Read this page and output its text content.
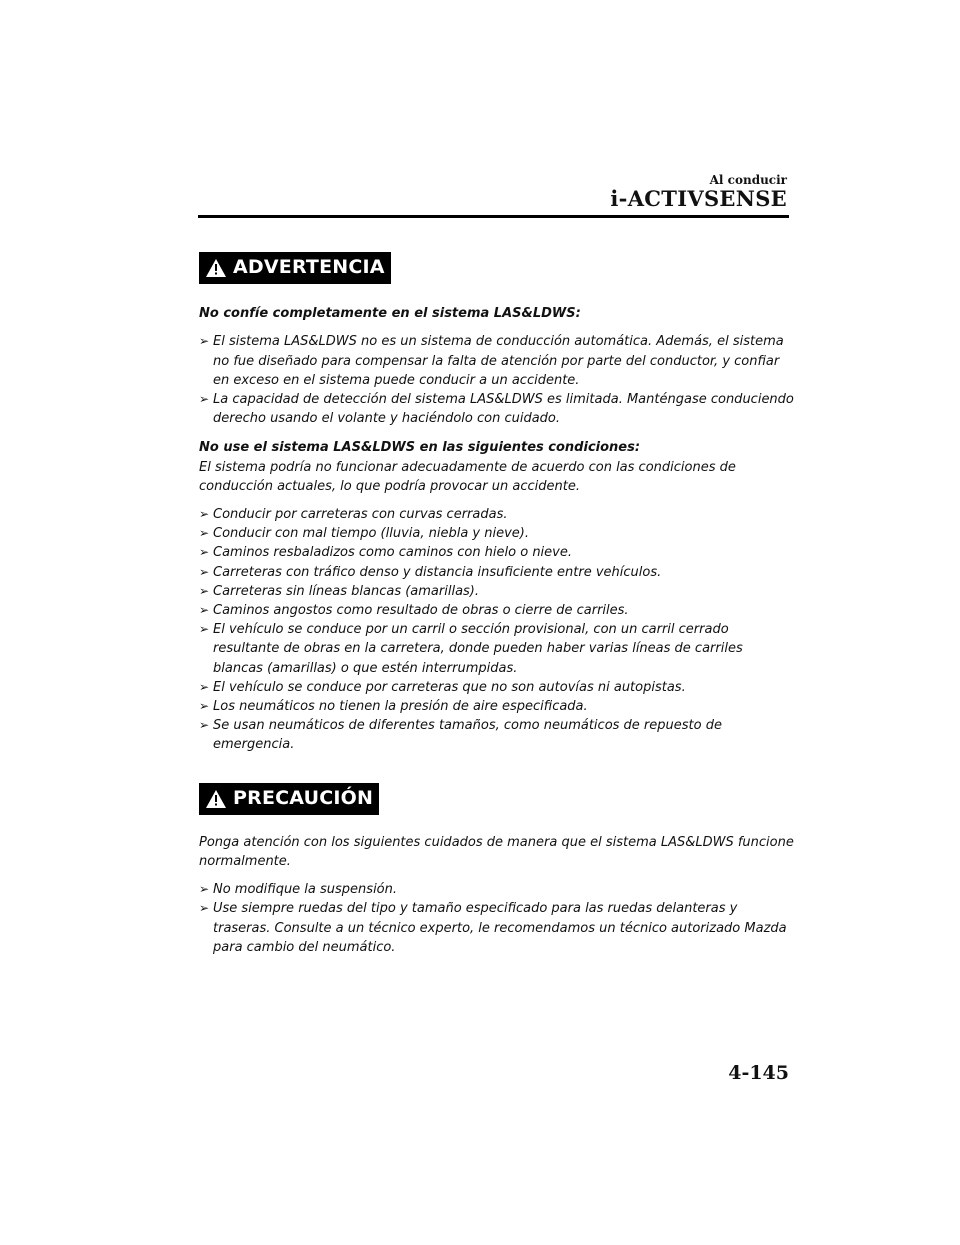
Al conducir
i-ACTIVSENSE
ADVERTENCIA

No confíe completamente en el sistema LAS&LDWS:

➢ El sistema LAS&LDWS no es un sistema de conducción automática. Además, el sistema no fue diseñado para compensar la falta de atención por parte del conductor, y confiar en exceso en el sistema puede conducir a un accidente.
➢ La capacidad de detección del sistema LAS&LDWS es limitada. Manténgase conduciendo derecho usando el volante y haciéndolo con cuidado.

No use el sistema LAS&LDWS en las siguientes condiciones:

El sistema podría no funcionar adecuadamente de acuerdo con las condiciones de conducción actuales, lo que podría provocar un accidente.

➢ Conducir por carreteras con curvas cerradas.
➢ Conducir con mal tiempo (lluvia, niebla y nieve).
➢ Caminos resbaladizos como caminos con hielo o nieve.
➢ Carreteras con tráfico denso y distancia insuficiente entre vehículos.
➢ Carreteras sin líneas blancas (amarillas).
➢ Caminos angostos como resultado de obras o cierre de carriles.
➢ El vehículo se conduce por un carril o sección provisional, con un carril cerrado resultante de obras en la carretera, donde pueden haber varias líneas de carriles blancas (amarillas) o que estén interrumpidas.
➢ El vehículo se conduce por carreteras que no son autovías ni autopistas.
➢ Los neumáticos no tienen la presión de aire especificada.
➢ Se usan neumáticos de diferentes tamaños, como neumáticos de repuesto de emergencia.
PRECAUCIÓN

Ponga atención con los siguientes cuidados de manera que el sistema LAS&LDWS funcione normalmente.

➢ No modifique la suspensión.
➢ Use siempre ruedas del tipo y tamaño especificado para las ruedas delanteras y traseras. Consulte a un técnico experto, le recomendamos un técnico autorizado Mazda para cambio del neumático.
4-145
